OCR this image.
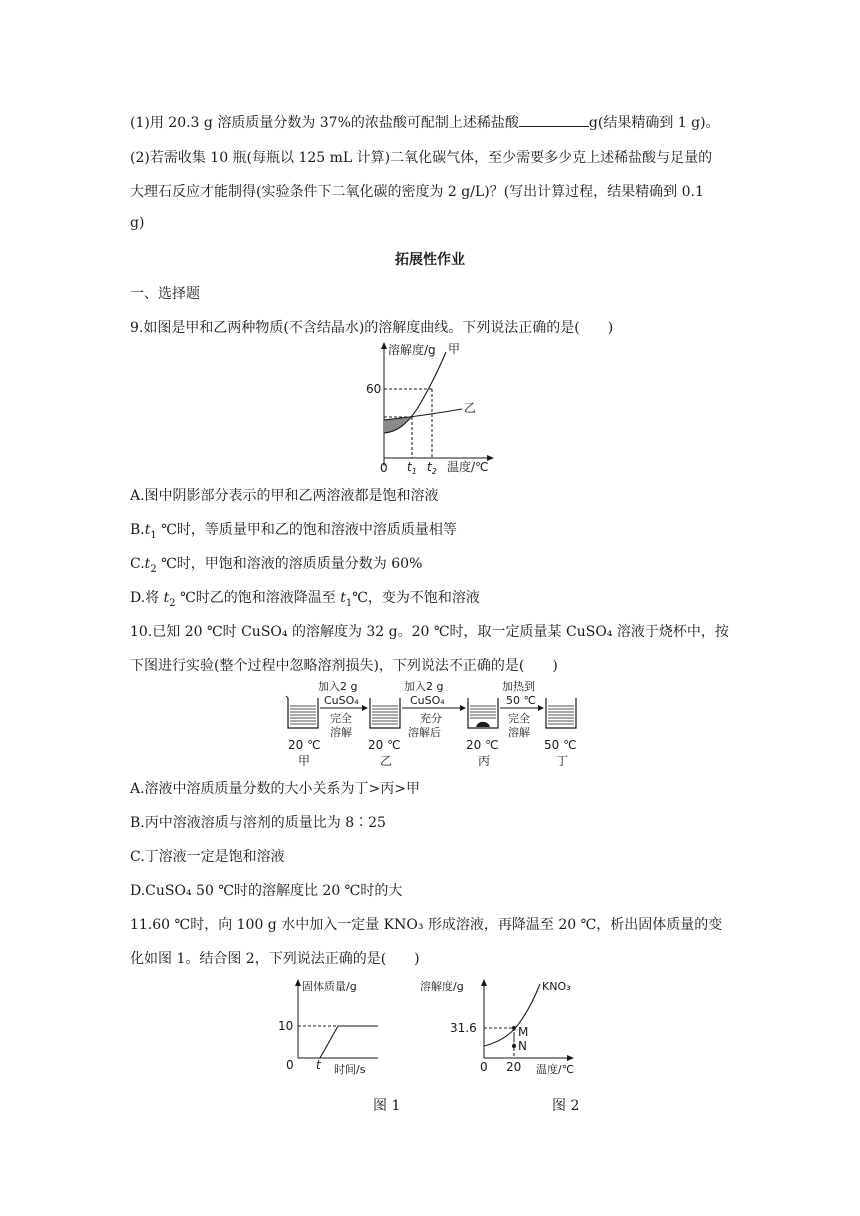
(1)用 20.3 g 溶质质量分数为 37%的浓盐酸可配制上述稀盐酸	g(结果精确到 1 g)。
(2)若需收集 10 瓶(每瓶以 125 mL 计算)二氧化碳气体，至少需要多少克上述稀盐酸与足量的
大理石反应才能制得(实验条件下二氧化碳的密度为 2 g/L)？(写出计算过程，结果精确到 0.1
g)
拓展性作业
一、选择题
9.如图是甲和乙两种物质(不含结晶水)的溶解度曲线。下列说法正确的是(　　)
溶解度/g
60
0 $t_1$ $t_2$ 温度/℃
甲
乙
A.图中阴影部分表示的甲和乙两溶液都是饱和溶液
$B.t_1$ ℃时，等质量甲和乙的饱和溶液中溶质质量相等
$C.t_2$ ℃时，甲饱和溶液的溶质质量分数为 60%
D.将 $t_2$ ℃时乙的饱和溶液降温至 $t_1℃$，变为不饱和溶液
10.已知 20 ℃时 CuSO₄ 的溶解度为 32 g。20 ℃时，取一定质量某 CuSO₄ 溶液于烧杯中，按
下图进行实验(整个过程中忽略溶剂损失)，下列说法不正确的是(　　)
加入2 g
CuSO₄
完全
溶解
加入2 g
CuSO₄
充分
溶解后
加热到
50 ℃
完全
溶解
20 ℃
甲
20 ℃
乙
20 ℃
丙
50 ℃
丁
A.溶液中溶质质量分数的大小关系为丁>丙>甲
B.丙中溶液溶质与溶剂的质量比为 8∶25
C.丁溶液一定是饱和溶液
D.CuSO₄ 50 ℃时的溶解度比 20 ℃时的大
11.60 ℃时，向 100 g 水中加入一定量 KNO₃ 形成溶液，再降温至 20 ℃，析出固体质量的变
化如图 1。结合图 2，下列说法正确的是(　　)
固体质量/g
10
0 t 时间/s
图 1
溶解度/g	KNO₃
31.6	M
N
0 20 温度/℃
图 2
